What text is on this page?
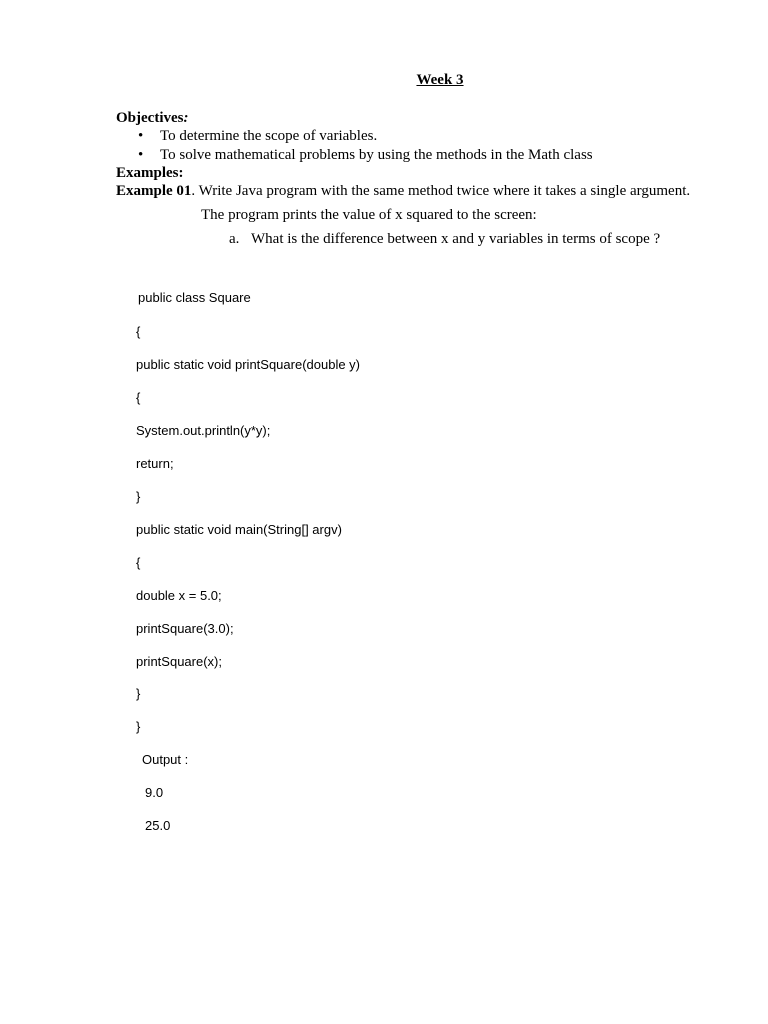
Week 3
Objectives:
• To determine the scope of variables.
• To solve mathematical problems by using the methods in the Math class
Examples:
Example 01. Write Java program with the same method twice where it takes a single argument.
The program prints the value of x squared to the screen:
a. What is the difference between x and y variables in terms of scope ?
public class Square
{
public static void printSquare(double y)
{
System.out.println(y*y);
return;
}
public static void main(String[] argv)
{
double x = 5.0;
printSquare(3.0);
printSquare(x);
}
}
Output :
9.0
25.0
